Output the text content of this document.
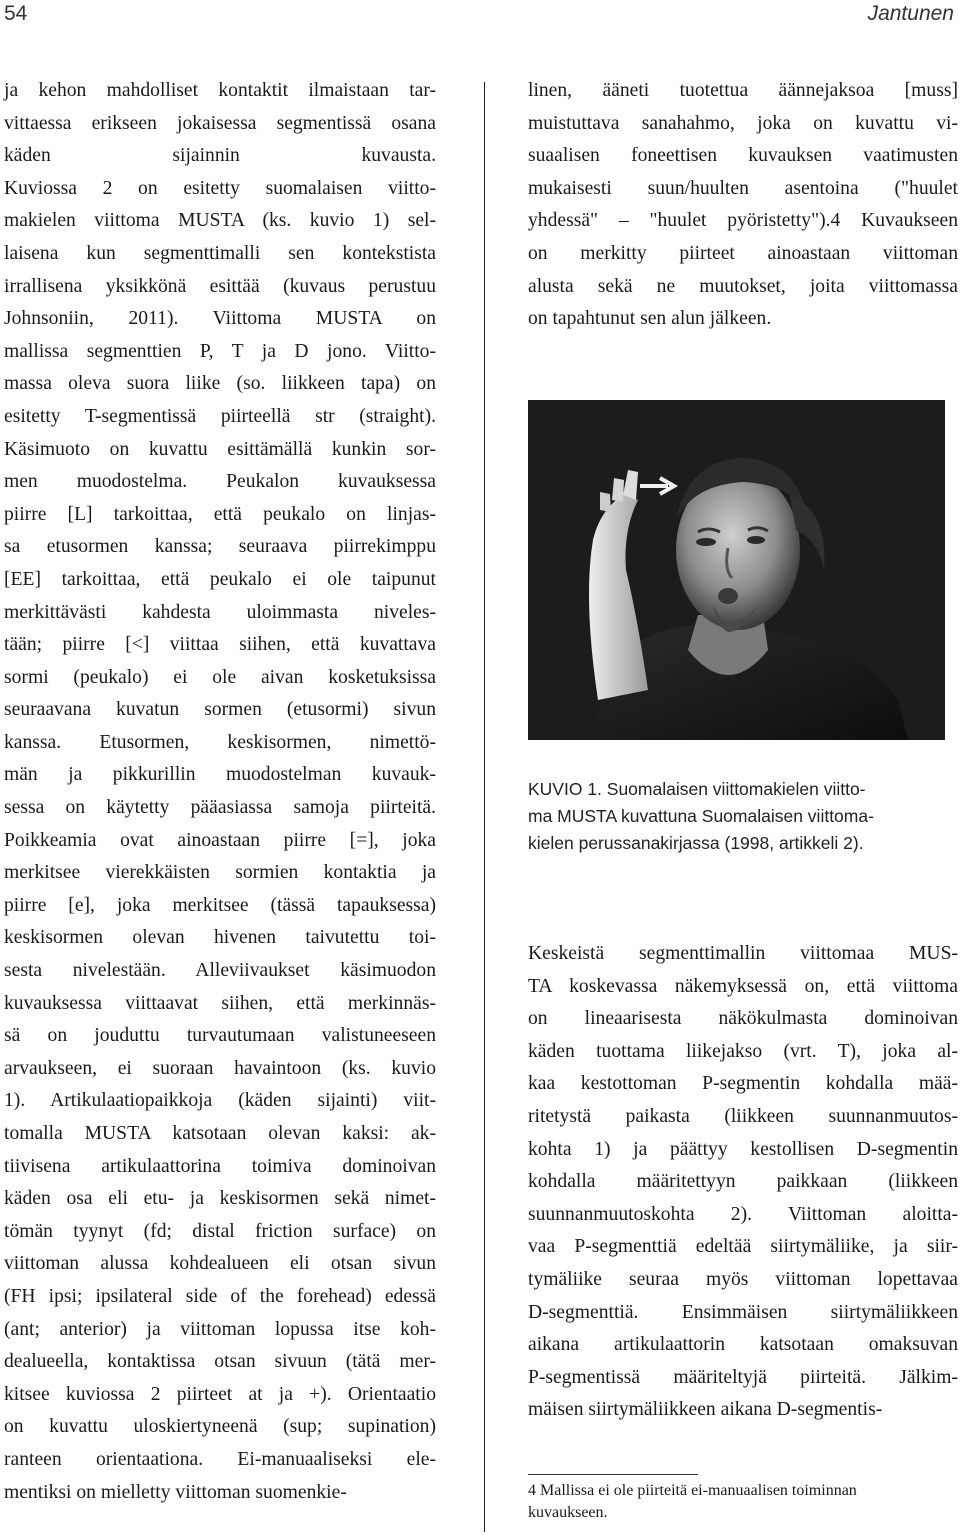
54	Jantunen
ja kehon mahdolliset kontaktit ilmaistaan tar-
vittaessa erikseen jokaisessa segmentissä osana
käden sijainnin kuvausta.
Kuviossa 2 on esitetty suomalaisen viitto-
makielen viittoma MUSTA (ks. kuvio 1) sel-
laisena kun segmenttimalli sen kontekstista
irrallisena yksikkönä esittää (kuvaus perustuu
Johnsoniin, 2011). Viittoma MUSTA on
mallissa segmenttien P, T ja D jono. Viitto-
massa oleva suora liike (so. liikkeen tapa) on
esitetty T-segmentissä piirteellä str (straight).
Käsimuoto on kuvattu esittämällä kunkin sor-
men muodostelma. Peukalon kuvauksessa
piirre [L] tarkoittaa, että peukalo on linjas-
sa etusormen kanssa; seuraava piirrekimppu
[EE] tarkoittaa, että peukalo ei ole taipunut
merkittävästi kahdesta uloimmasta niveles-
tään; piirre [<] viittaa siihen, että kuvattava
sormi (peukalo) ei ole aivan kosketuksissa
seuraavana kuvatun sormen (etusormi) sivun
kanssa. Etusormen, keskisormen, nimettö-
män ja pikkurillin muodostelman kuvauk-
sessa on käytetty pääasiassa samoja piirteitä.
Poikkeamia ovat ainoastaan piirre [=], joka
merkitsee vierekkäisten sormien kontaktia ja
piirre [e], joka merkitsee (tässä tapauksessa)
keskisormen olevan hivenen taivutettu toi-
sesta nivelestään. Alleviivaukset käsimuodon
kuvauksessa viittaavat siihen, että merkinnäs-
sä on jouduttu turvautumaan valistuneeseen
arvaukseen, ei suoraan havaintoon (ks. kuvio
1). Artikulaatiopaikkoja (käden sijainti) viit-
tomalla MUSTA katsotaan olevan kaksi: ak-
tiivisena artikulaattorina toimiva dominoivan
käden osa eli etu- ja keskisormen sekä nimet-
tömän tyynyt (fd; distal friction surface) on
viittoman alussa kohdealueen eli otsan sivun
(FH ipsi; ipsilateral side of the forehead) edessä
(ant; anterior) ja viittoman lopussa itse koh-
dealueella, kontaktissa otsan sivuun (tätä mer-
kitsee kuviossa 2 piirteet at ja +). Orientaatio
on kuvattu uloskiertyneenä (sup; supination)
ranteen orientaationa. Ei-manuaaliseksi ele-
mentiksi on mielletty viittoman suomenkie-
linen, ääneti tuotettua äännejaksoa [muss]
muistuttava sanahahmo, joka on kuvattu vi-
suaalisen foneettisen kuvauksen vaatimusten
mukaisesti suun/huulten asentoina ("huulet
yhdessä" – "huulet pyöristetty").4 Kuvaukseen
on merkitty piirteet ainoastaan viittoman
alusta sekä ne muutokset, joita viittomassa
on tapahtunut sen alun jälkeen.
KUVIO 1. Suomalaisen viittomakielen viitto-
ma MUSTA kuvattuna Suomalaisen viittoma-
kielen perussanakirjassa (1998, artikkeli 2).
Keskeistä segmenttimallin viittomaa MUS-
TA koskevassa näkemyksessä on, että viittoma
on lineaarisesta näkökulmasta dominoivan
käden tuottama liikejakso (vrt. T), joka al-
kaa kestottoman P-segmentin kohdalla mää-
ritetystä paikasta (liikkeen suunnanmuutos-
kohta 1) ja päättyy kestollisen D-segmentin
kohdalla määritettyyn paikkaan (liikkeen
suunnanmuutoskohta 2). Viittoman aloitta-
vaa P-segmenttiä edeltää siirtymäliike, ja siir-
tymäliike seuraa myös viittoman lopettavaa
D-segmenttiä. Ensimmäisen siirtymäliikkeen
aikana artikulaattorin katsotaan omaksuvan
P-segmentissä määriteltyjä piirteitä. Jälkim-
mäisen siirtymäliikkeen aikana D-segmentis-
4 Mallissa ei ole piirteitä ei-manuaalisen toiminnan
kuvaukseen.
